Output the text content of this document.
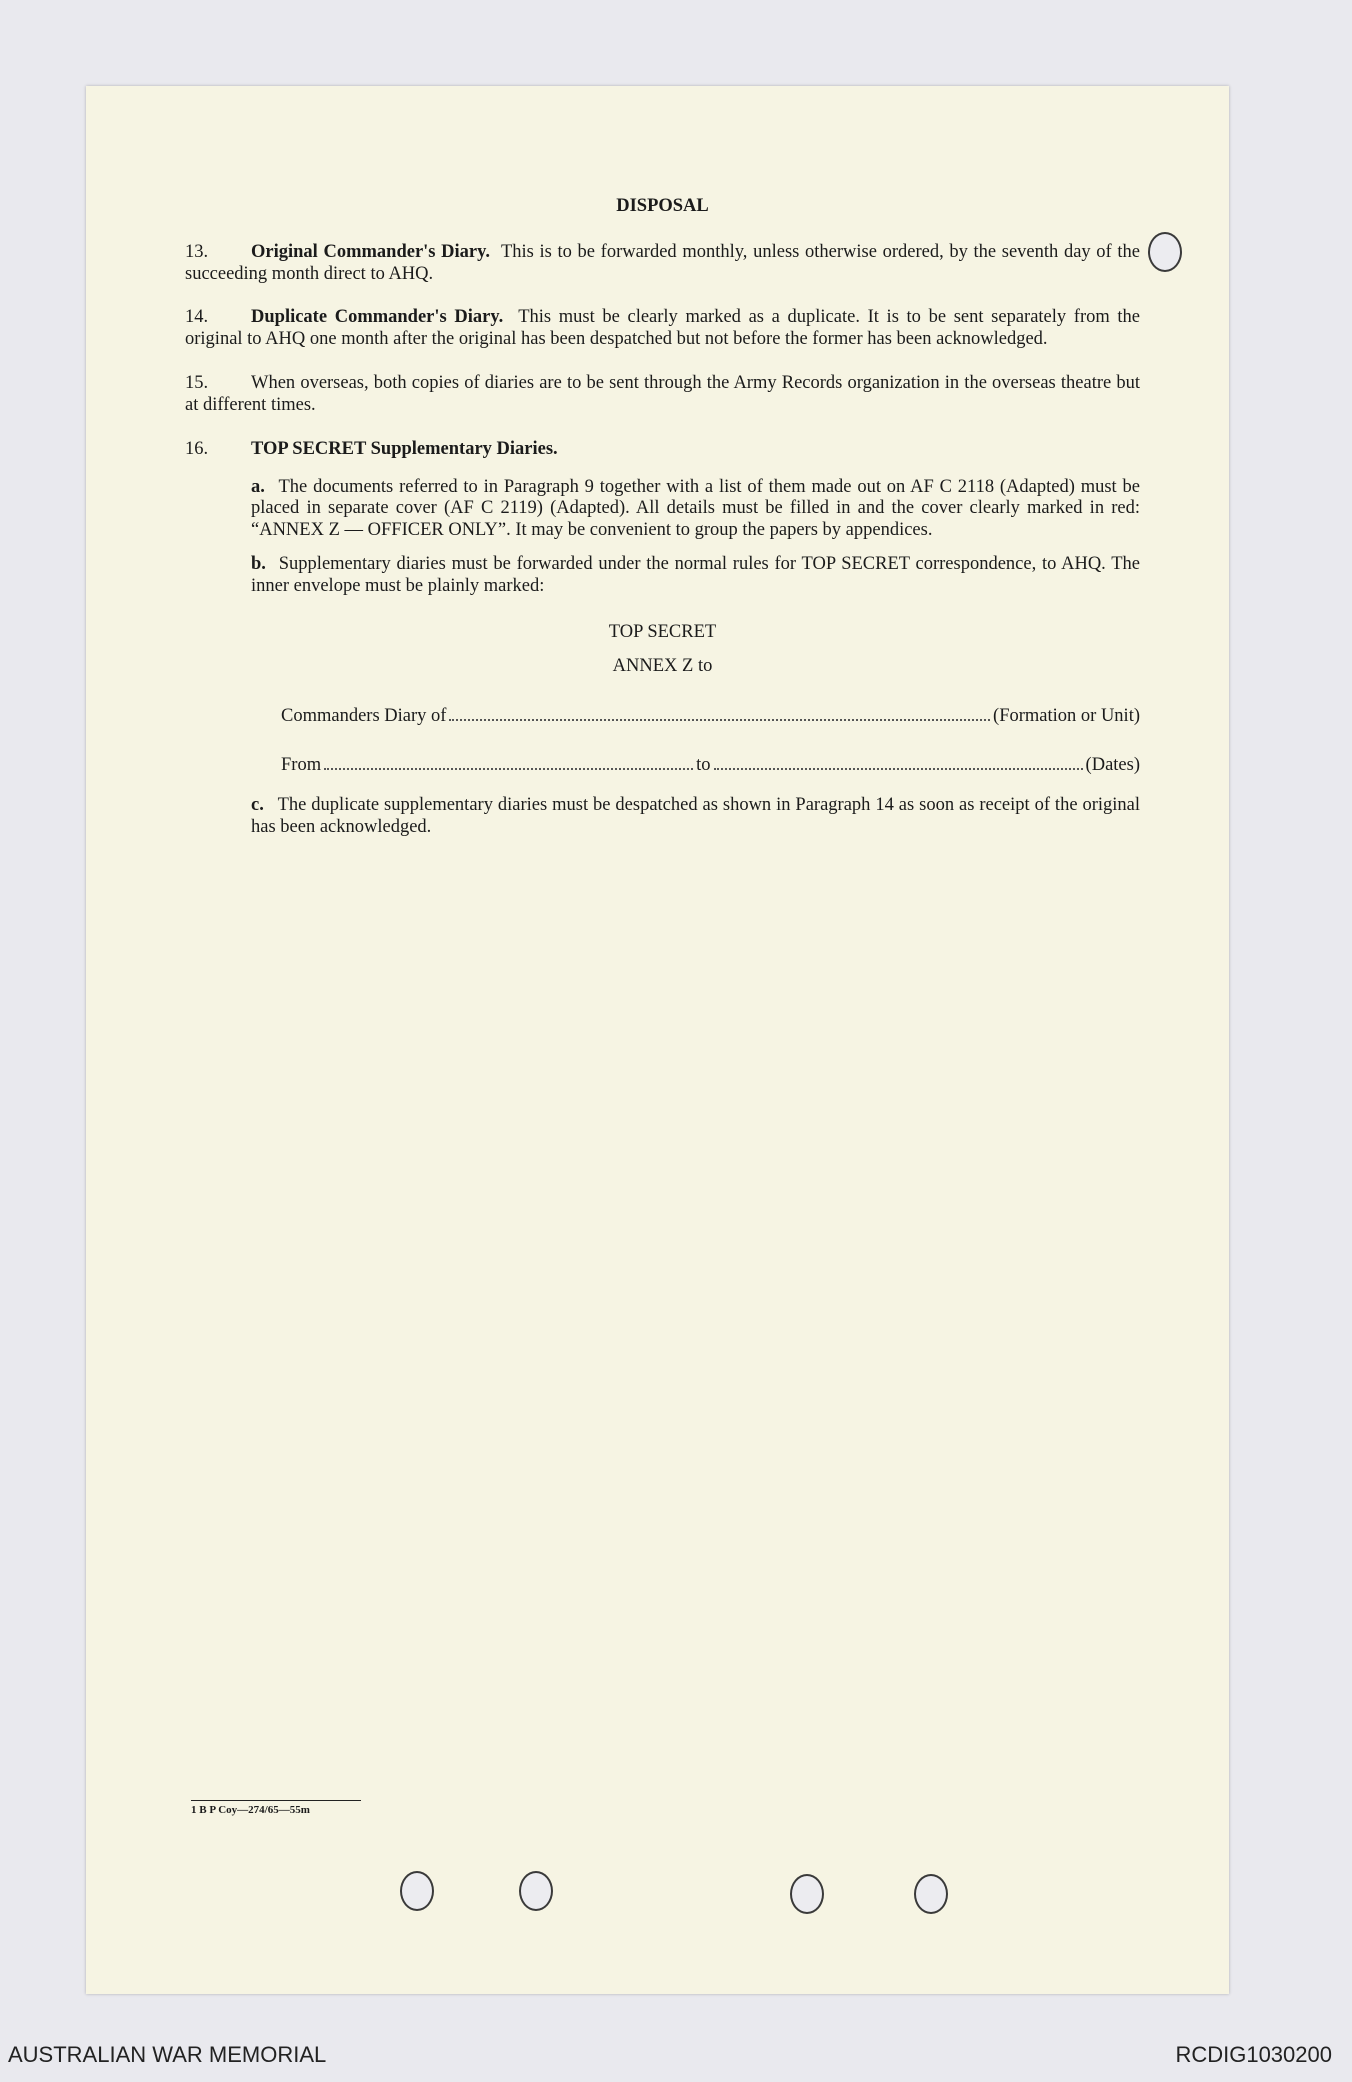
DISPOSAL
13. Original Commander's Diary. This is to be forwarded monthly, unless otherwise ordered, by the seventh day of the succeeding month direct to AHQ.
14. Duplicate Commander's Diary. This must be clearly marked as a duplicate. It is to be sent separately from the original to AHQ one month after the original has been despatched but not before the former has been acknowledged.
15. When overseas, both copies of diaries are to be sent through the Army Records organization in the overseas theatre but at different times.
16. TOP SECRET Supplementary Diaries.
a. The documents referred to in Paragraph 9 together with a list of them made out on AF C 2118 (Adapted) must be placed in separate cover (AF C 2119) (Adapted). All details must be filled in and the cover clearly marked in red: “ANNEX Z — OFFICER ONLY”. It may be convenient to group the papers by appendices.
b. Supplementary diaries must be forwarded under the normal rules for TOP SECRET correspondence, to AHQ. The inner envelope must be plainly marked:
TOP SECRET
ANNEX Z to
Commanders Diary of	(Formation or Unit)
From	to	(Dates)
c. The duplicate supplementary diaries must be despatched as shown in Paragraph 14 as soon as receipt of the original has been acknowledged.
1 B P Coy—274/65—55m
AUSTRALIAN WAR MEMORIAL	RCDIG1030200
